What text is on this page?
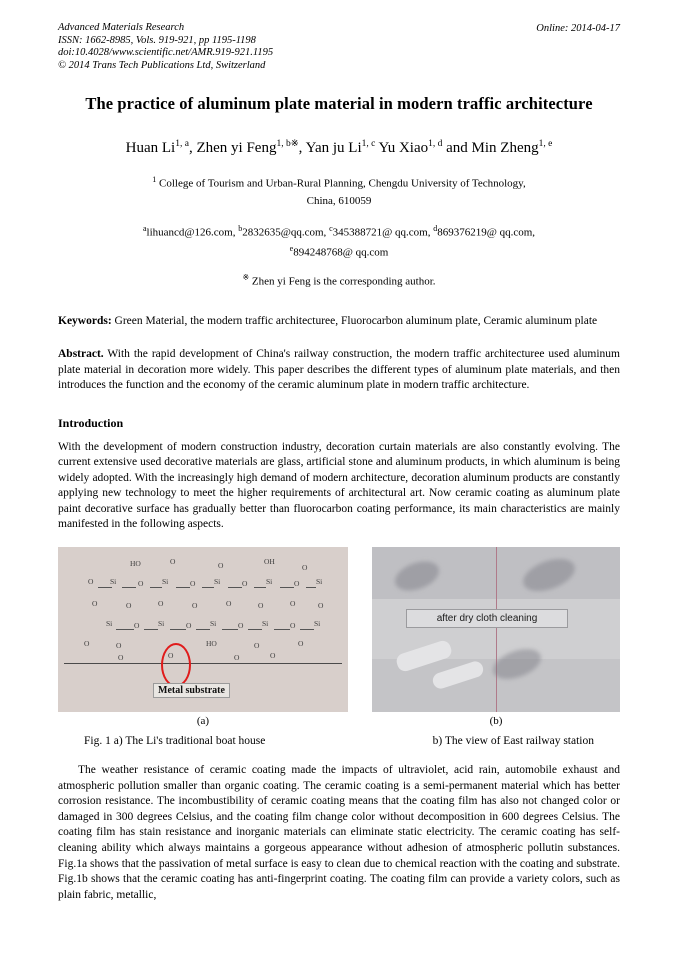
Advanced Materials Research
ISSN: 1662-8985, Vols. 919-921, pp 1195-1198
doi:10.4028/www.scientific.net/AMR.919-921.1195
© 2014 Trans Tech Publications Ltd, Switzerland
Online: 2014-04-17
The practice of aluminum plate material in modern traffic architecture
Huan Li$^{1, a}$, Zhen yi Feng$^{1, b※}$, Yan ju Li$^{1, c}$ Yu Xiao$^{1, d}$ and Min Zheng$^{1, e}$
$^1$ College of Tourism and Urban-Rural Planning, Chengdu University of Technology,
China, 610059
$^a$lihuancd@126.com, $^b$2832635@qq.com, $^c$345388721@ qq.com, $^d$869376219@ qq.com,
$^e$894248768@ qq.com
※ Zhen yi Feng is the corresponding author.
Keywords: Green Material, the modern traffic architecturee, Fluorocarbon aluminum plate, Ceramic aluminum plate
Abstract. With the rapid development of China's railway construction, the modern traffic architecturee used aluminum plate material in decoration more widely. This paper describes the different types of aluminum plate materials, and then introduces the function and the economy of the ceramic aluminum plate in modern traffic architecture.
Introduction
With the development of modern construction industry, decoration curtain materials are also constantly evolving. The current extensive used decorative materials are glass, artificial stone and aluminum products, in which aluminum is being widely adopted. With the increasingly high demand of modern architecture, decoration aluminum products are constantly applying new technology to meet the higher requirements of architectural art. Now ceramic coating as aluminum plate paint decorative surface has gradually better than fluorocarbon coating performance, its main characteristics are mainly manifested in the following aspects.
HO	O	O	OH
O
O Si	O Si	O Si	O Si	O Si
O	O	O	O	O	O	O	O
Si	O Si	O Si	O Si	O Si
O	O	HO	O	O
O
O	O	O
Metal substrate
(a)
after dry cloth cleaning
(b)
Fig. 1 a) The Li's traditional boat house	b) The view of East railway station
The weather resistance of ceramic coating made the impacts of ultraviolet, acid rain, automobile exhaust and atmospheric pollution smaller than organic coating. The ceramic coating is a semi-permanent material which has better corrosion resistance. The incombustibility of ceramic coating means that the coating film has also not changed color or damaged in 300 degrees Celsius, and the coating film change color without decomposition in 600 degrees Celsius. The coating film has stain resistance and inorganic materials can eliminate static electricity. The ceramic coating has self-cleaning ability which always maintains a gorgeous appearance without adhesion of atmospheric pollutin substances. Fig.1a shows that the passivation of metal surface is easy to clean due to chemical reaction with the coating and substrate. Fig.1b shows that the ceramic coating has anti-fingerprint coating. The coating film can provide a variety colors, such as plain fabric, metallic,
